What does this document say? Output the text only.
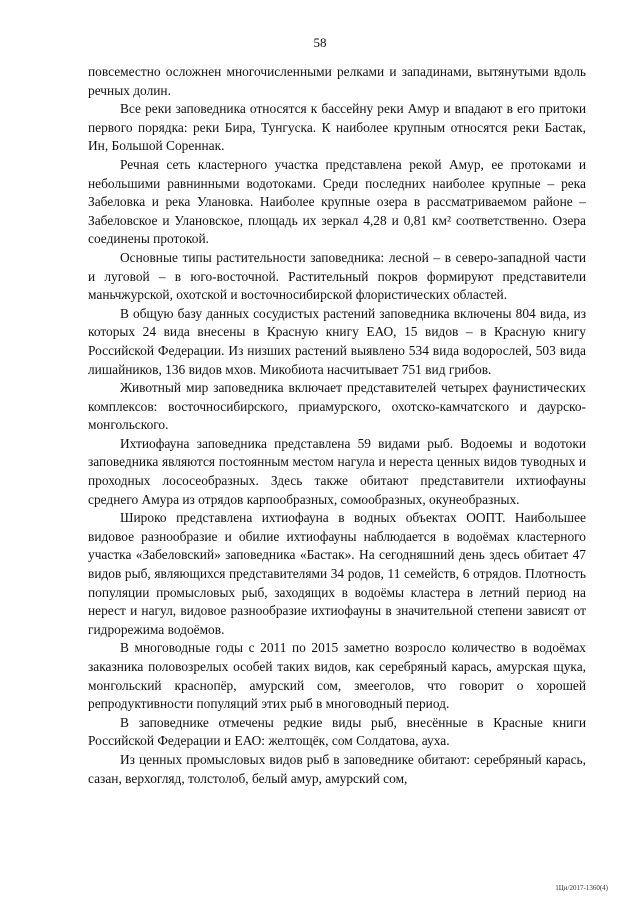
58

повсеместно осложнен многочисленными релками и западинами, вытянутыми вдоль речных долин.

Все реки заповедника относятся к бассейну реки Амур и впадают в его притоки первого порядка: реки Бира, Тунгуска. К наиболее крупным относятся реки Бастак, Ин, Большой Сореннак.

Речная сеть кластерного участка представлена рекой Амур, ее протоками и небольшими равнинными водотоками. Среди последних наиболее крупные – река Забеловка и река Улановка. Наиболее крупные озера в рассматриваемом районе – Забеловское и Улановское, площадь их зеркал 4,28 и 0,81 км² соответственно. Озера соединены протокой.

Основные типы растительности заповедника: лесной – в северо-западной части и луговой – в юго-восточной. Растительный покров формируют представители маньчжурской, охотской и восточносибирской флористических областей.

В общую базу данных сосудистых растений заповедника включены 804 вида, из которых 24 вида внесены в Красную книгу ЕАО, 15 видов – в Красную книгу Российской Федерации. Из низших растений выявлено 534 вида водорослей, 503 вида лишайников, 136 видов мхов. Микобиота насчитывает 751 вид грибов.

Животный мир заповедника включает представителей четырех фаунистических комплексов: восточносибирского, приамурского, охотско-камчатского и даурско-монгольского.

Ихтиофауна заповедника представлена 59 видами рыб. Водоемы и водотоки заповедника являются постоянным местом нагула и нереста ценных видов туводных и проходных лососеобразных. Здесь также обитают представители ихтиофауны среднего Амура из отрядов карпообразных, сомообразных, окунеобразных.

Широко представлена ихтиофауна в водных объектах ООПТ. Наибольшее видовое разнообразие и обилие ихтиофауны наблюдается в водоёмах кластерного участка «Забеловский» заповедника «Бастак». На сегодняшний день здесь обитает 47 видов рыб, являющихся представителями 34 родов, 11 семейств, 6 отрядов. Плотность популяции промысловых рыб, заходящих в водоёмы кластера в летний период на нерест и нагул, видовое разнообразие ихтиофауны в значительной степени зависят от гидрорежима водоёмов.

В многоводные годы с 2011 по 2015 заметно возросло количество в водоёмах заказника половозрелых особей таких видов, как серебряный карась, амурская щука, монгольский краснопёр, амурский сом, змееголов, что говорит о хорошей репродуктивности популяций этих рыб в многоводный период.

В заповеднике отмечены редкие виды рыб, внесённые в Красные книги Российской Федерации и ЕАО: желтощёк, сом Солдатова, ауха.

Из ценных промысловых видов рыб в заповеднике обитают: серебряный карась, сазан, верхогляд, толстолоб, белый амур, амурский сом,

1Ци/2017-1360(4)
